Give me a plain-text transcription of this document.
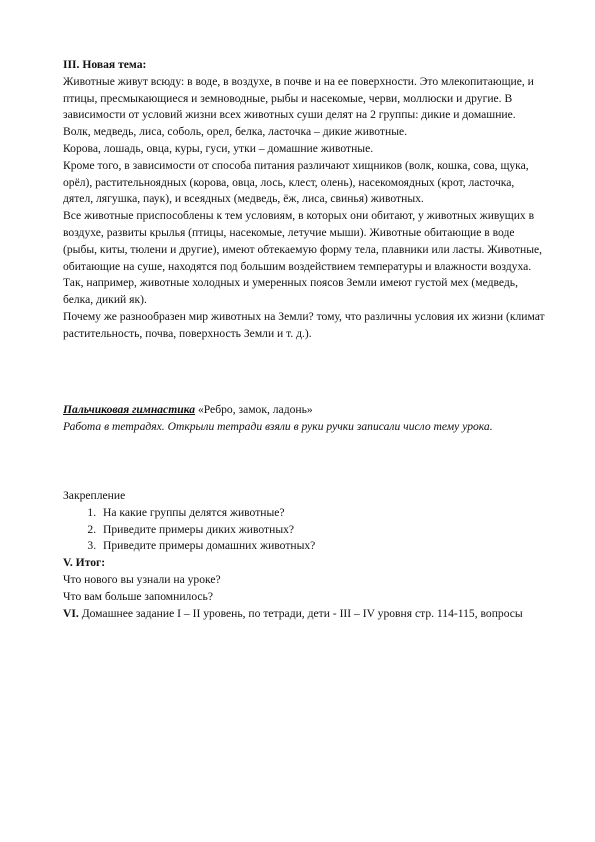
III. Новая тема:

Животные живут всюду: в воде, в воздухе, в почве и на ее поверхности. Это млекопитающие, и птицы, пресмыкающиеся и земноводные, рыбы и насекомые, черви, моллюски и другие. В зависимости от условий жизни всех животных суши делят на 2 группы: дикие и домашние. Волк, медведь, лиса, соболь, орел, белка, ласточка – дикие животные.

Корова, лошадь, овца, куры, гуси, утки – домашние животные.

Кроме того, в зависимости от способа питания различают хищников (волк, кошка, сова, щука, орёл), растительноядных (корова, овца, лось, клест, олень), насекомоядных (крот, ласточка, дятел, лягушка, паук), и всеядных (медведь, ёж, лиса, свинья) животных.

Все животные приспособлены к тем условиям, в которых они обитают, у животных живущих в воздухе, развиты крылья (птицы, насекомые, летучие мыши). Животные обитающие в воде (рыбы, киты, тюлени и другие), имеют обтекаемую форму тела, плавники или ласты. Животные, обитающие на суше, находятся под большим воздействием температуры и влажности воздуха. Так, например, животные холодных и умеренных поясов Земли имеют густой мех (медведь, белка, дикий як).

Почему же разнообразен мир животных на Земли? тому, что различны условия их жизни (климат растительность, почва, поверхность Земли и т. д.).

Пальчиковая гимнастика «Ребро, замок, ладонь»

Работа в тетрадях. Открыли тетради взяли в руки ручки записали число тему урока.

Закрепление

1. На какие группы делятся животные?
2. Приведите примеры диких животных?
3. Приведите примеры домашних животных?

V. Итог:

Что нового вы узнали на уроке?

Что вам больше запомнилось?

VI. Домашнее задание I – II уровень, по тетради, дети - III – IV уровня стр. 114-115, вопросы
